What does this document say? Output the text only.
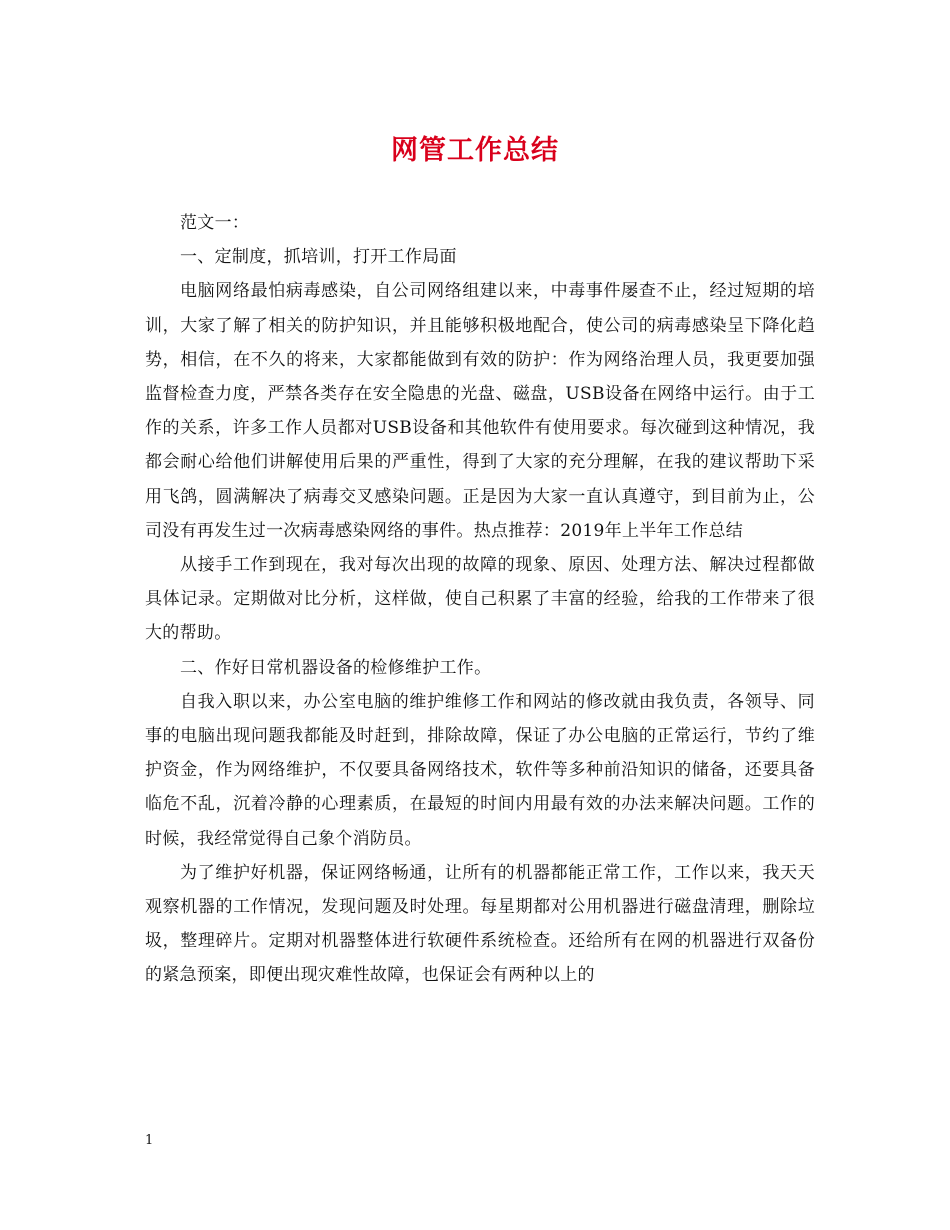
网管工作总结

范文一：

一、定制度，抓培训，打开工作局面

电脑网络最怕病毒感染，自公司网络组建以来，中毒事件屡查不止，经过短期的培训，大家了解了相关的防护知识，并且能够积极地配合，使公司的病毒感染呈下降化趋势，相信，在不久的将来，大家都能做到有效的防护：作为网络治理人员，我更要加强监督检查力度，严禁各类存在安全隐患的光盘、磁盘，USB设备在网络中运行。由于工作的关系，许多工作人员都对USB设备和其他软件有使用要求。每次碰到这种情况，我都会耐心给他们讲解使用后果的严重性，得到了大家的充分理解，在我的建议帮助下采用飞鸽，圆满解决了病毒交叉感染问题。正是因为大家一直认真遵守，到目前为止，公司没有再发生过一次病毒感染网络的事件。热点推荐：2019年上半年工作总结

从接手工作到现在，我对每次出现的故障的现象、原因、处理方法、解决过程都做具体记录。定期做对比分析，这样做，使自己积累了丰富的经验，给我的工作带来了很大的帮助。

二、作好日常机器设备的检修维护工作。

自我入职以来，办公室电脑的维护维修工作和网站的修改就由我负责，各领导、同事的电脑出现问题我都能及时赶到，排除故障，保证了办公电脑的正常运行，节约了维护资金，作为网络维护，不仅要具备网络技术，软件等多种前沿知识的储备，还要具备临危不乱，沉着冷静的心理素质，在最短的时间内用最有效的办法来解决问题。工作的时候，我经常觉得自己象个消防员。

为了维护好机器，保证网络畅通，让所有的机器都能正常工作，工作以来，我天天观察机器的工作情况，发现问题及时处理。每星期都对公用机器进行磁盘清理，删除垃圾，整理碎片。定期对机器整体进行软硬件系统检查。还给所有在网的机器进行双备份的紧急预案，即便出现灾难性故障，也保证会有两种以上的

1
